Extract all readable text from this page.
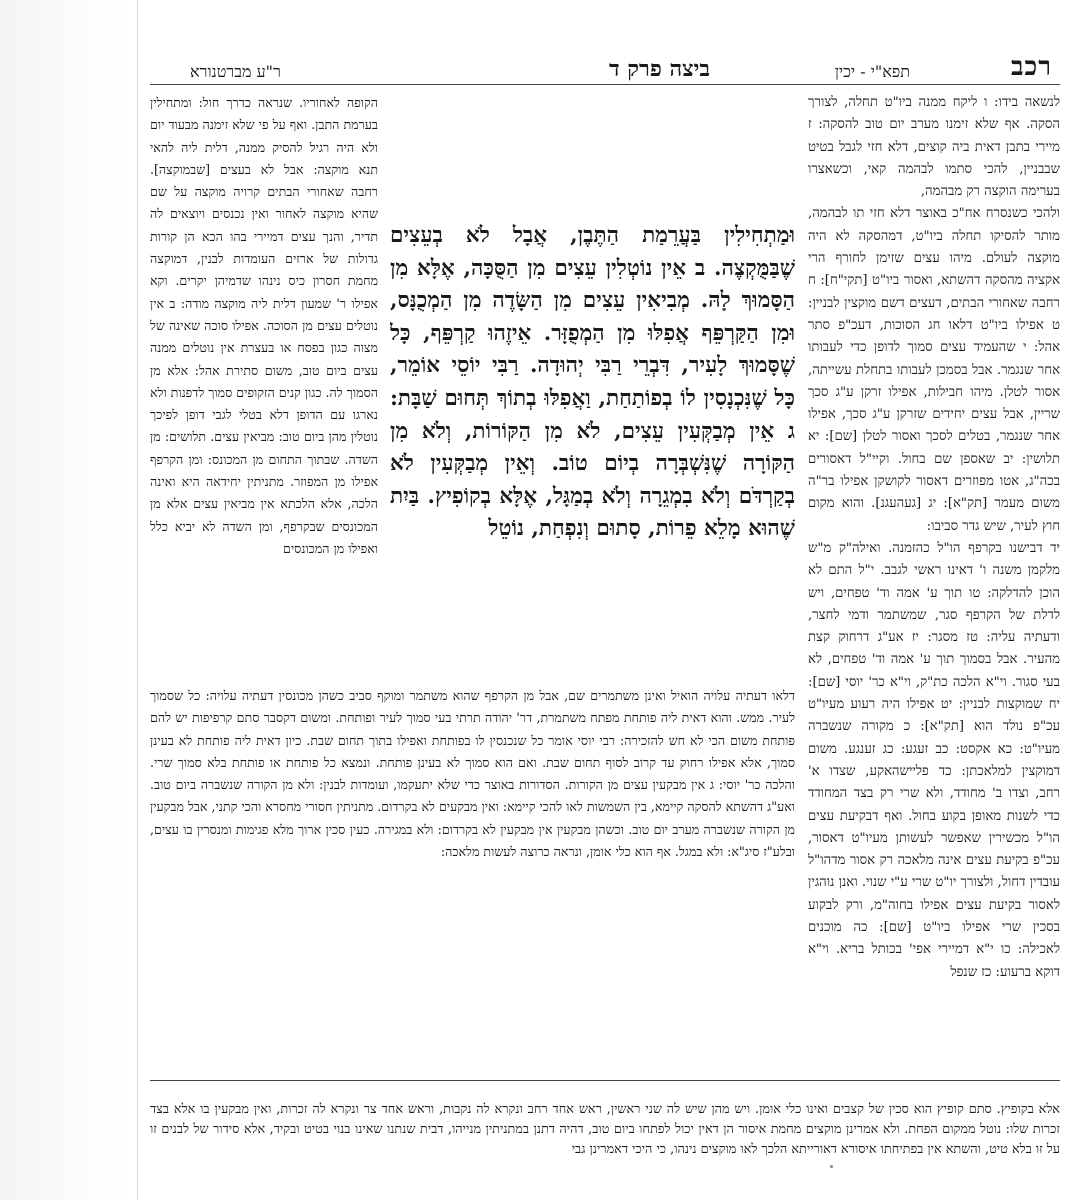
רכב
תפא"י - יכין
ביצה פרק ד
ר"ע מברטנורא

לנשאה בידו: ו ליקח ממנה ביו"ט תחלה, לצורך הסקה. אף שלא זימנו מערב יום טוב להסקה: ז מיירי בתבן דאית ביה קוצים, דלא חזי לגבל בטיט שבבניין, להכי סתמו לבהמה קאי, וכשאצרו בערימה הוקצה רק מבהמה,

ולהכי כשנסרח אח"כ באוצר דלא חזי תו לבהמה, מותר להסיקו תחלה ביו"ט, דמהסקה לא היה מוקצה לעולם. מיהו עצים שזימן לחורף הרי אקציה מהסקה דהשתא, ואסור ביו"ט [תקי"ח]: ח רחבה שאחורי הבתים, דעצים דשם מוקצין לבניין: ט אפילו ביו"ט דלאו חג הסוכות, דעכ"פ סתר אהל: י שהעמיד עצים סמוך לדופן כדי לעבותו אחר שנגמר. אבל בסמכן לעבותו בתחלת עשייתה, אסור לטלן. מיהו חבילות, אפילו זרקן ע"ג סכך שריין, אבל עצים יחידים שזרקן ע"ג סכך, אפילו אחר שנגמר, בטלים לסכך ואסור לטלן [שם]: יא תלושין: יב שאספן שם בחול. וקיי"ל דאסורים בכה"ג, אטו מפוזרים דאסור לקושקן אפילו בר"ה משום מעמר [תק"א]: יג [געהעגנ]. והוא מקום חוץ לעיר, שיש גדר סביבו:

יד דבישנו בקרפף הו"ל כהזמנה. ואילה"ק מ"ש מלקמן משנה ו' דאינו ראשי לגבב. י"ל התם לא הוכן להדלקה: טו תוך ע' אמה וד' טפחים, ויש לדלת של הקרפף סגר, שמשתמר ודמי לחצר, ודעתיה עליה: טז מסגר: יז אע"ג דרחוק קצת מהעיר. אבל בסמוך תוך ע' אמה וד' טפחים, לא בעי סגור. וי"א הלכה כת"ק, וי"א כר' יוסי [שם]: יח שמוקצות לבניין: יט אפילו היה רעוע מעיו"ט עכ"פ נולד הוא [תק"א]: כ מקורה שנשברה מעיו"ט: כא אקסט: כב זעגע: כג זענגע. משום דמוקצין למלאכתן: כד פליישהאקע, שצדו א' רחב, וצדו ב' מחודד, ולא שרי רק בצד המחודד כדי לשנות מאופן בקוע בחול. ואף דבקיעת עצים הו"ל מכשירין שאפשר לעשותן מעיו"ט דאסור, עכ"פ בקיעת עצים אינה מלאכה רק אסור מדהו"ל עובדין דחול, ולצורך יו"ט שרי ע"י שנוי. ואנן נוהגין לאסור בקיעת עצים אפילו בחוה"מ, ורק לבקוע בסכין שרי אפילו ביו"ט [שם]: כה מוכנים לאכילה: כו י"א דמיירי אפי' בכותל בריא. וי"א דוקא ברעוע: כז שנפל

הקופה לאחוריו. שנראה כדרך חול: ומתחילין בערמת התבן. ואף על פי שלא זימנה מבעוד יום ולא היה רגיל להסיק ממנה, דלית ליה להאי תנא מוקצה: אבל לא בעצים [שבמוקצה]. רחבה שאחורי הבתים קרויה מוקצה על שם שהיא מוקצה לאחור ואין נכנסים ויוצאים לה תדיר, והנך עצים דמיירי בהו הכא הן קורות גדולות של ארזים העומדות לבנין, דמוקצה מחמת חסרון כיס נינהו שדמיהן יקרים. וקא אפילו ר' שמעון דלית ליה מוקצה מודה: ב אין נוטלים עצים מן הסוכה. אפילו סוכה שאינה של מצוה כגון בפסח או בעצרת אין נוטלים ממנה עצים ביום טוב, משום סתירת אהל: אלא מן הסמוך לה. כגון קנים הזקופים סמוך לדפנות ולא נארגו עם הדופן דלא בטלי לגבי דופן לפיכך נוטלין מהן ביום טוב: מביאין עצים. תלושים: מן השדה. שבתוך התחום מן המכונס: ומן הקרפף אפילו מן המפוזר. מתניתין יחידאה היא ואינה הלכה, אלא הלכתא אין מביאין עצים אלא מן המכונסים שבקרפף, ומן השדה לא יביא כלל ואפילו מן המכונסים

וּמַתְחִילִין בַּעֲרֵמַת הַתֶּבֶן, אֲבָל לֹא בְעֵצִים שֶׁבַּמֻּקְצֶה. ב אֵין נוֹטְלִין עֵצִים מִן הַסֻּכָּה, אֶלָּא מִן הַסָּמוּךְ לָהּ. מְבִיאִין עֵצִים מִן הַשָּׂדֶה מִן הַמְכֻנָּס, וּמִן הַקַּרְפֵּף אֲפִלּוּ מִן הַמְפֻזָּר. אֵיזֶהוּ קַרְפֵּף, כָּל שֶׁסָּמוּךְ לָעִיר, דִּבְרֵי רַבִּי יְהוּדָה. רַבִּי יוֹסֵי אוֹמֵר, כָּל שֶׁנִּכְנָסִין לוֹ בְפוֹתַחַת, וַאֲפִלּוּ בְתוֹךְ תְּחוּם שַׁבָּת: ג אֵין מְבַקְּעִין עֵצִים, לֹא מִן הַקּוֹרוֹת, וְלֹא מִן הַקּוֹרָה שֶׁנִּשְׁבְּרָה בְיוֹם טוֹב. וְאֵין מְבַקְּעִין לֹא בְקַרְדֹּם וְלֹא בִמְגֵרָה וְלֹא בְמַגָּל, אֶלָּא בְקוֹפִיץ. בַּיִת שֶׁהוּא מָלֵא פֵרוֹת, סָתוּם וְנִפְחַת, נוֹטֵל

דלאו דעתיה עלויה הואיל ואינן משתמרים שם, אבל מן הקרפף שהוא משתמר ומוקף סביב כשהן מכונסין דעתיה עלויה: כל שסמוך לעיר. ממש. והוא דאית ליה פותחת מפתח משתמרת, דר' יהודה תרתי בעי סמוך לעיר ופותחת. ומשום דקסבר סתם קרפיפות יש להם פותחת משום הכי לא חש להזכירה: רבי יוסי אומר כל שנכנסין לו בפותחת ואפילו בתוך תחום שבת. כיון דאית ליה פותחת לא בעינן סמוך, אלא אפילו רחוק עד קרוב לסוף תחום שבת. ואם הוא סמוך לא בעינן פותחת. ונמצא כל פותחת או פותחת בלא סמוך שרי. והלכה כר' יוסי: ג אין מבקעין עצים מן הקורות. הסדורות באוצר כדי שלא יתעקמו, ועומדות לבנין: ולא מן הקורה שנשברה ביום טוב. ואע"ג דהשתא להסקה קיימא, בין השמשות לאו להכי קיימא: ואין מבקעים לא בקרדום. מתניתין חסורי מחסרא והכי קתני, אבל מבקעין מן הקורה שנשברה מערב יום טוב. וכשהן מבקעין אין מבקעין לא בקרדום: ולא במגירה. כעין סכין ארוך מלא פגימות ומנסרין בו עצים, ובלע"ז סיג"א: ולא במגל. אף הוא כלי אומן, ונראה כרוצה לעשות מלאכה:

אלא בקופיץ. סתם קופיץ הוא סכין של קצבים ואינו כלי אומן. ויש מהן שיש לה שני ראשין, ראש אחד רחב ונקרא לה נקבות, וראש אחד צר ונקרא לה זכרות, ואין מבקעין בו אלא בצד זכרות שלו: נוטל ממקום הפחת. ולא אמרינן מוקצים מחמת איסור הן דאין יכול לפתחו ביום טוב, דהיה דתנן במתניתין מנייהו, דבית שנתנו שאינו בנוי בטיט ובקיד, אלא סידור של לבנים זו על זו בלא טיט, והשתא אין בפתיחתו איסורא דאורייתא הלכך לאו מוקצים נינהו, כי היכי דאמרינן גבי
